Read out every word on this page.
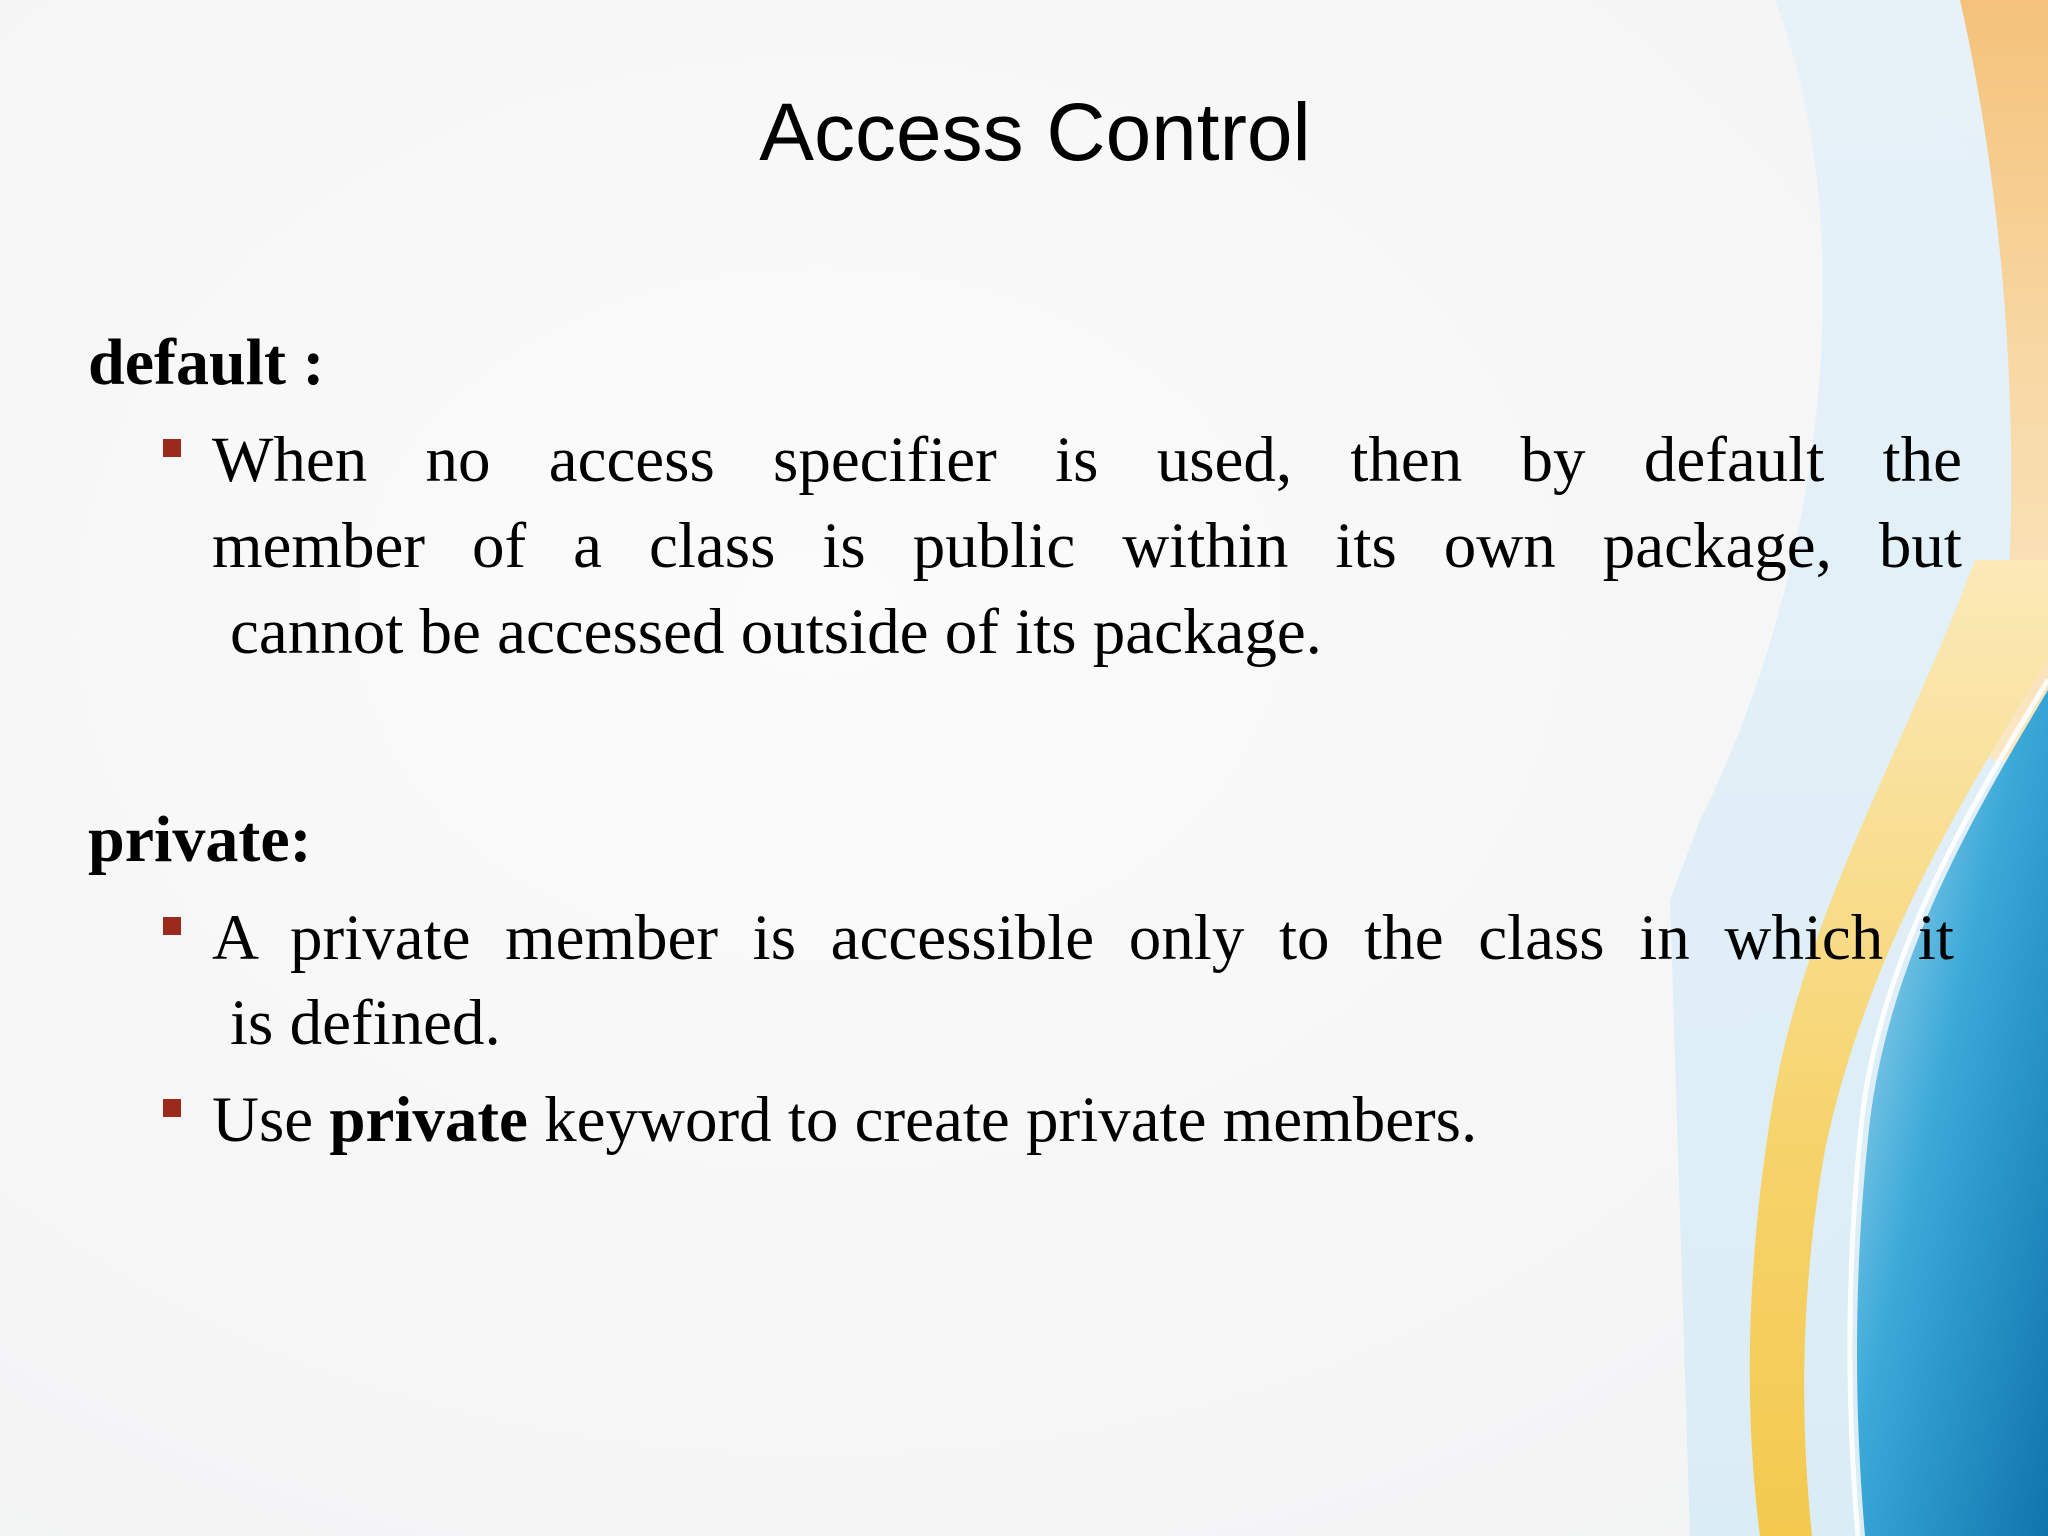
Access Control
default :
When no access specifier is used, then by default the
member of a class is public within its own package, but
cannot be accessed outside of its package.
private:
A private member is accessible only to the class in which it
is defined.
Use private keyword to create private members.
